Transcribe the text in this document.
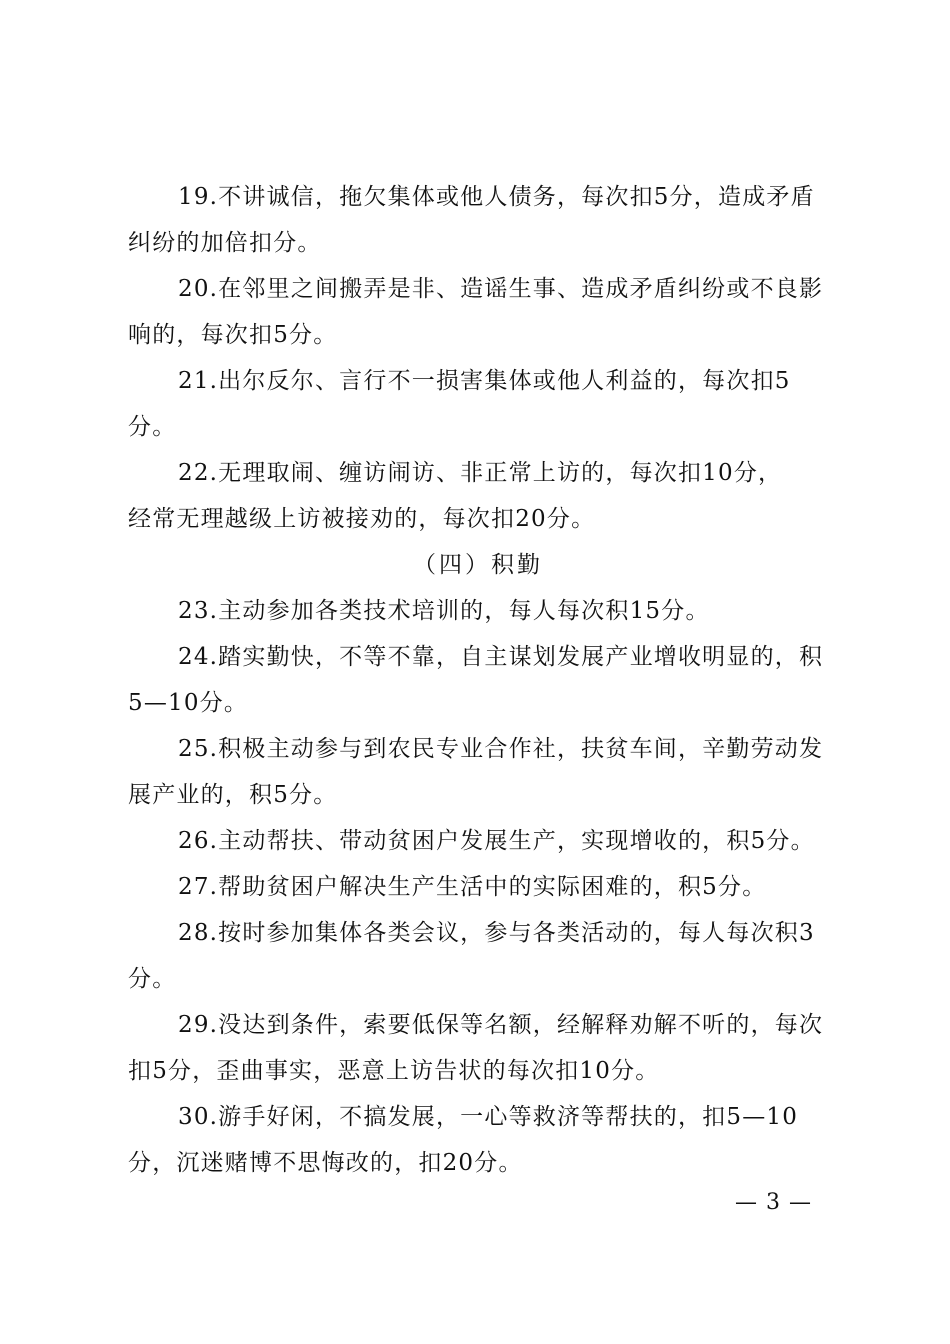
19.不讲诚信，拖欠集体或他人债务，每次扣5分，造成矛盾纠纷的加倍扣分。

20.在邻里之间搬弄是非、造谣生事、造成矛盾纠纷或不良影响的，每次扣5分。

21.出尔反尔、言行不一损害集体或他人利益的，每次扣5分。

22.无理取闹、缠访闹访、非正常上访的，每次扣10分，

经常无理越级上访被接劝的，每次扣20分。

（四）积勤

23.主动参加各类技术培训的，每人每次积15分。

24.踏实勤快，不等不靠，自主谋划发展产业增收明显的，积5—10分。

25.积极主动参与到农民专业合作社，扶贫车间，辛勤劳动发展产业的，积5分。

26.主动帮扶、带动贫困户发展生产，实现增收的，积5分。

27.帮助贫困户解决生产生活中的实际困难的，积5分。

28.按时参加集体各类会议，参与各类活动的，每人每次积3分。

29.没达到条件，索要低保等名额，经解释劝解不听的，每次扣5分，歪曲事实，恶意上访告状的每次扣10分。

30.游手好闲，不搞发展，一心等救济等帮扶的，扣5—10分，沉迷赌博不思悔改的，扣20分。

— 3 —
